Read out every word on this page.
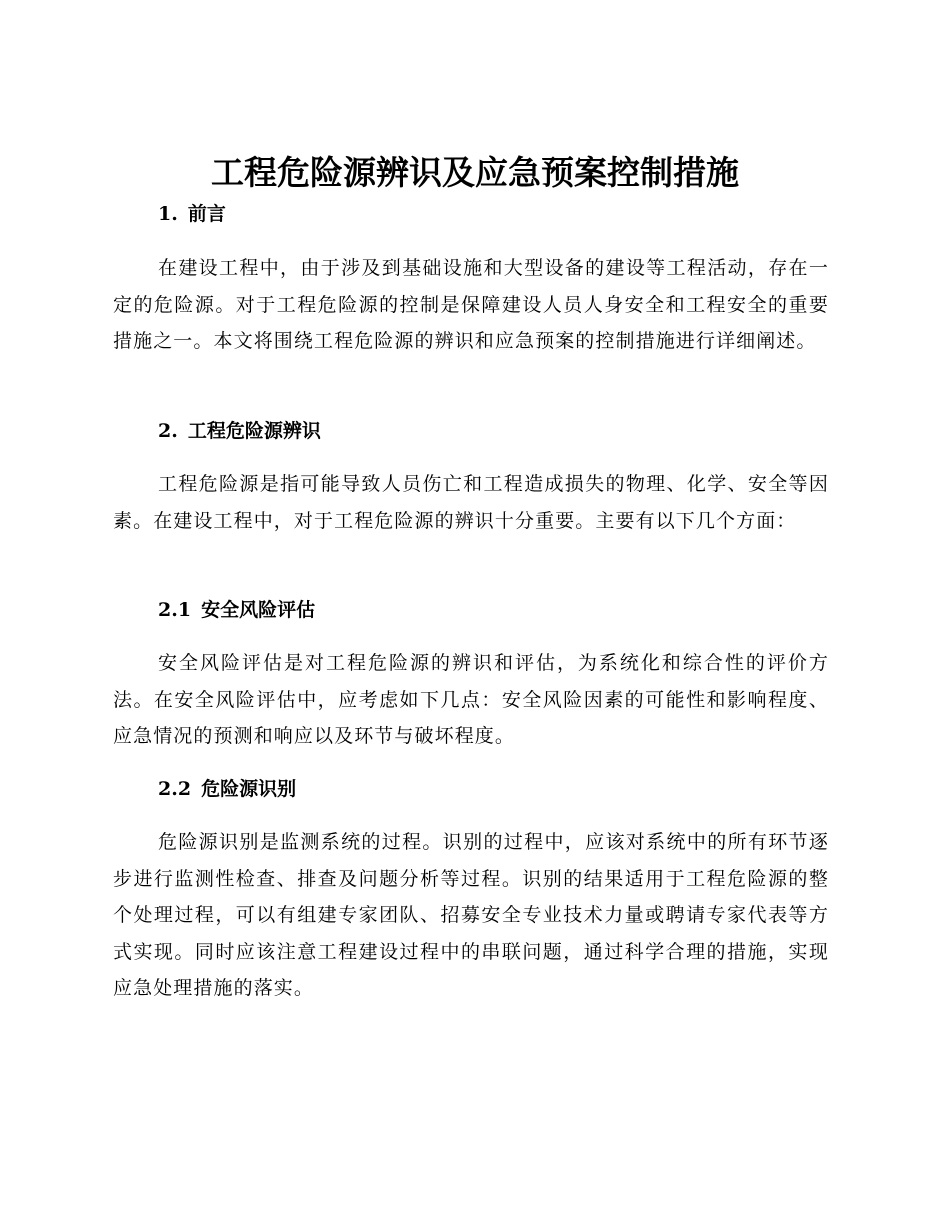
工程危险源辨识及应急预案控制措施
1. 前言

在建设工程中，由于涉及到基础设施和大型设备的建设等工程活动，存在一定的危险源。对于工程危险源的控制是保障建设人员人身安全和工程安全的重要措施之一。本文将围绕工程危险源的辨识和应急预案的控制措施进行详细阐述。

2. 工程危险源辨识

工程危险源是指可能导致人员伤亡和工程造成损失的物理、化学、安全等因素。在建设工程中，对于工程危险源的辨识十分重要。主要有以下几个方面：

2.1 安全风险评估

安全风险评估是对工程危险源的辨识和评估，为系统化和综合性的评价方法。在安全风险评估中，应考虑如下几点：安全风险因素的可能性和影响程度、应急情况的预测和响应以及环节与破坏程度。

2.2 危险源识别

危险源识别是监测系统的过程。识别的过程中，应该对系统中的所有环节逐步进行监测性检查、排查及问题分析等过程。识别的结果适用于工程危险源的整个处理过程，可以有组建专家团队、招募安全专业技术力量或聘请专家代表等方式实现。同时应该注意工程建设过程中的串联问题，通过科学合理的措施，实现应急处理措施的落实。
